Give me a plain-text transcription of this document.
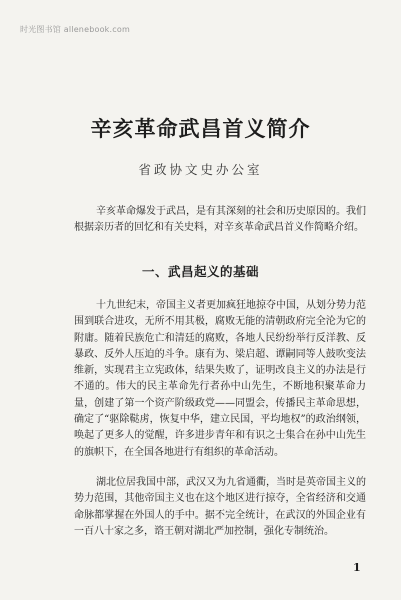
时光图书馆 allenebook.com
辛亥革命武昌首义简介
省政协文史办公室

辛亥革命爆发于武昌，是有其深刻的社会和历史原因的。我们根据亲历者的回忆和有关史料，对辛亥革命武昌首义作简略介绍。

一、武昌起义的基础

十九世纪末，帝国主义者更加疯狂地掠夺中国，从划分势力范围到联合进攻，无所不用其极，腐败无能的清朝政府完全沦为它的附庸。随着民族危亡和清廷的腐败，各地人民纷纷举行反洋教、反暴政、反外人压迫的斗争。康有为、梁启超、谭嗣同等人鼓吹变法维新，实现君主立宪政体，结果失败了，证明改良主义的办法是行不通的。伟大的民主革命先行者孙中山先生，不断地积聚革命力量，创建了第一个资产阶级政党——同盟会，传播民主革命思想，确定了“驱除鞑虏，恢复中华，建立民国，平均地权”的政治纲领，唤起了更多人的觉醒，许多进步青年和有识之士集合在孙中山先生的旗帜下，在全国各地进行有组织的革命活动。

湖北位居我国中部，武汉又为九省通衢，当时是英帝国主义的势力范围，其他帝国主义也在这个地区进行掠夺，全省经济和交通命脉都掌握在外国人的手中。据不完全统计，在武汉的外国企业有一百八十家之多，谘王朝对湖北严加控制，强化专制统治。

1
